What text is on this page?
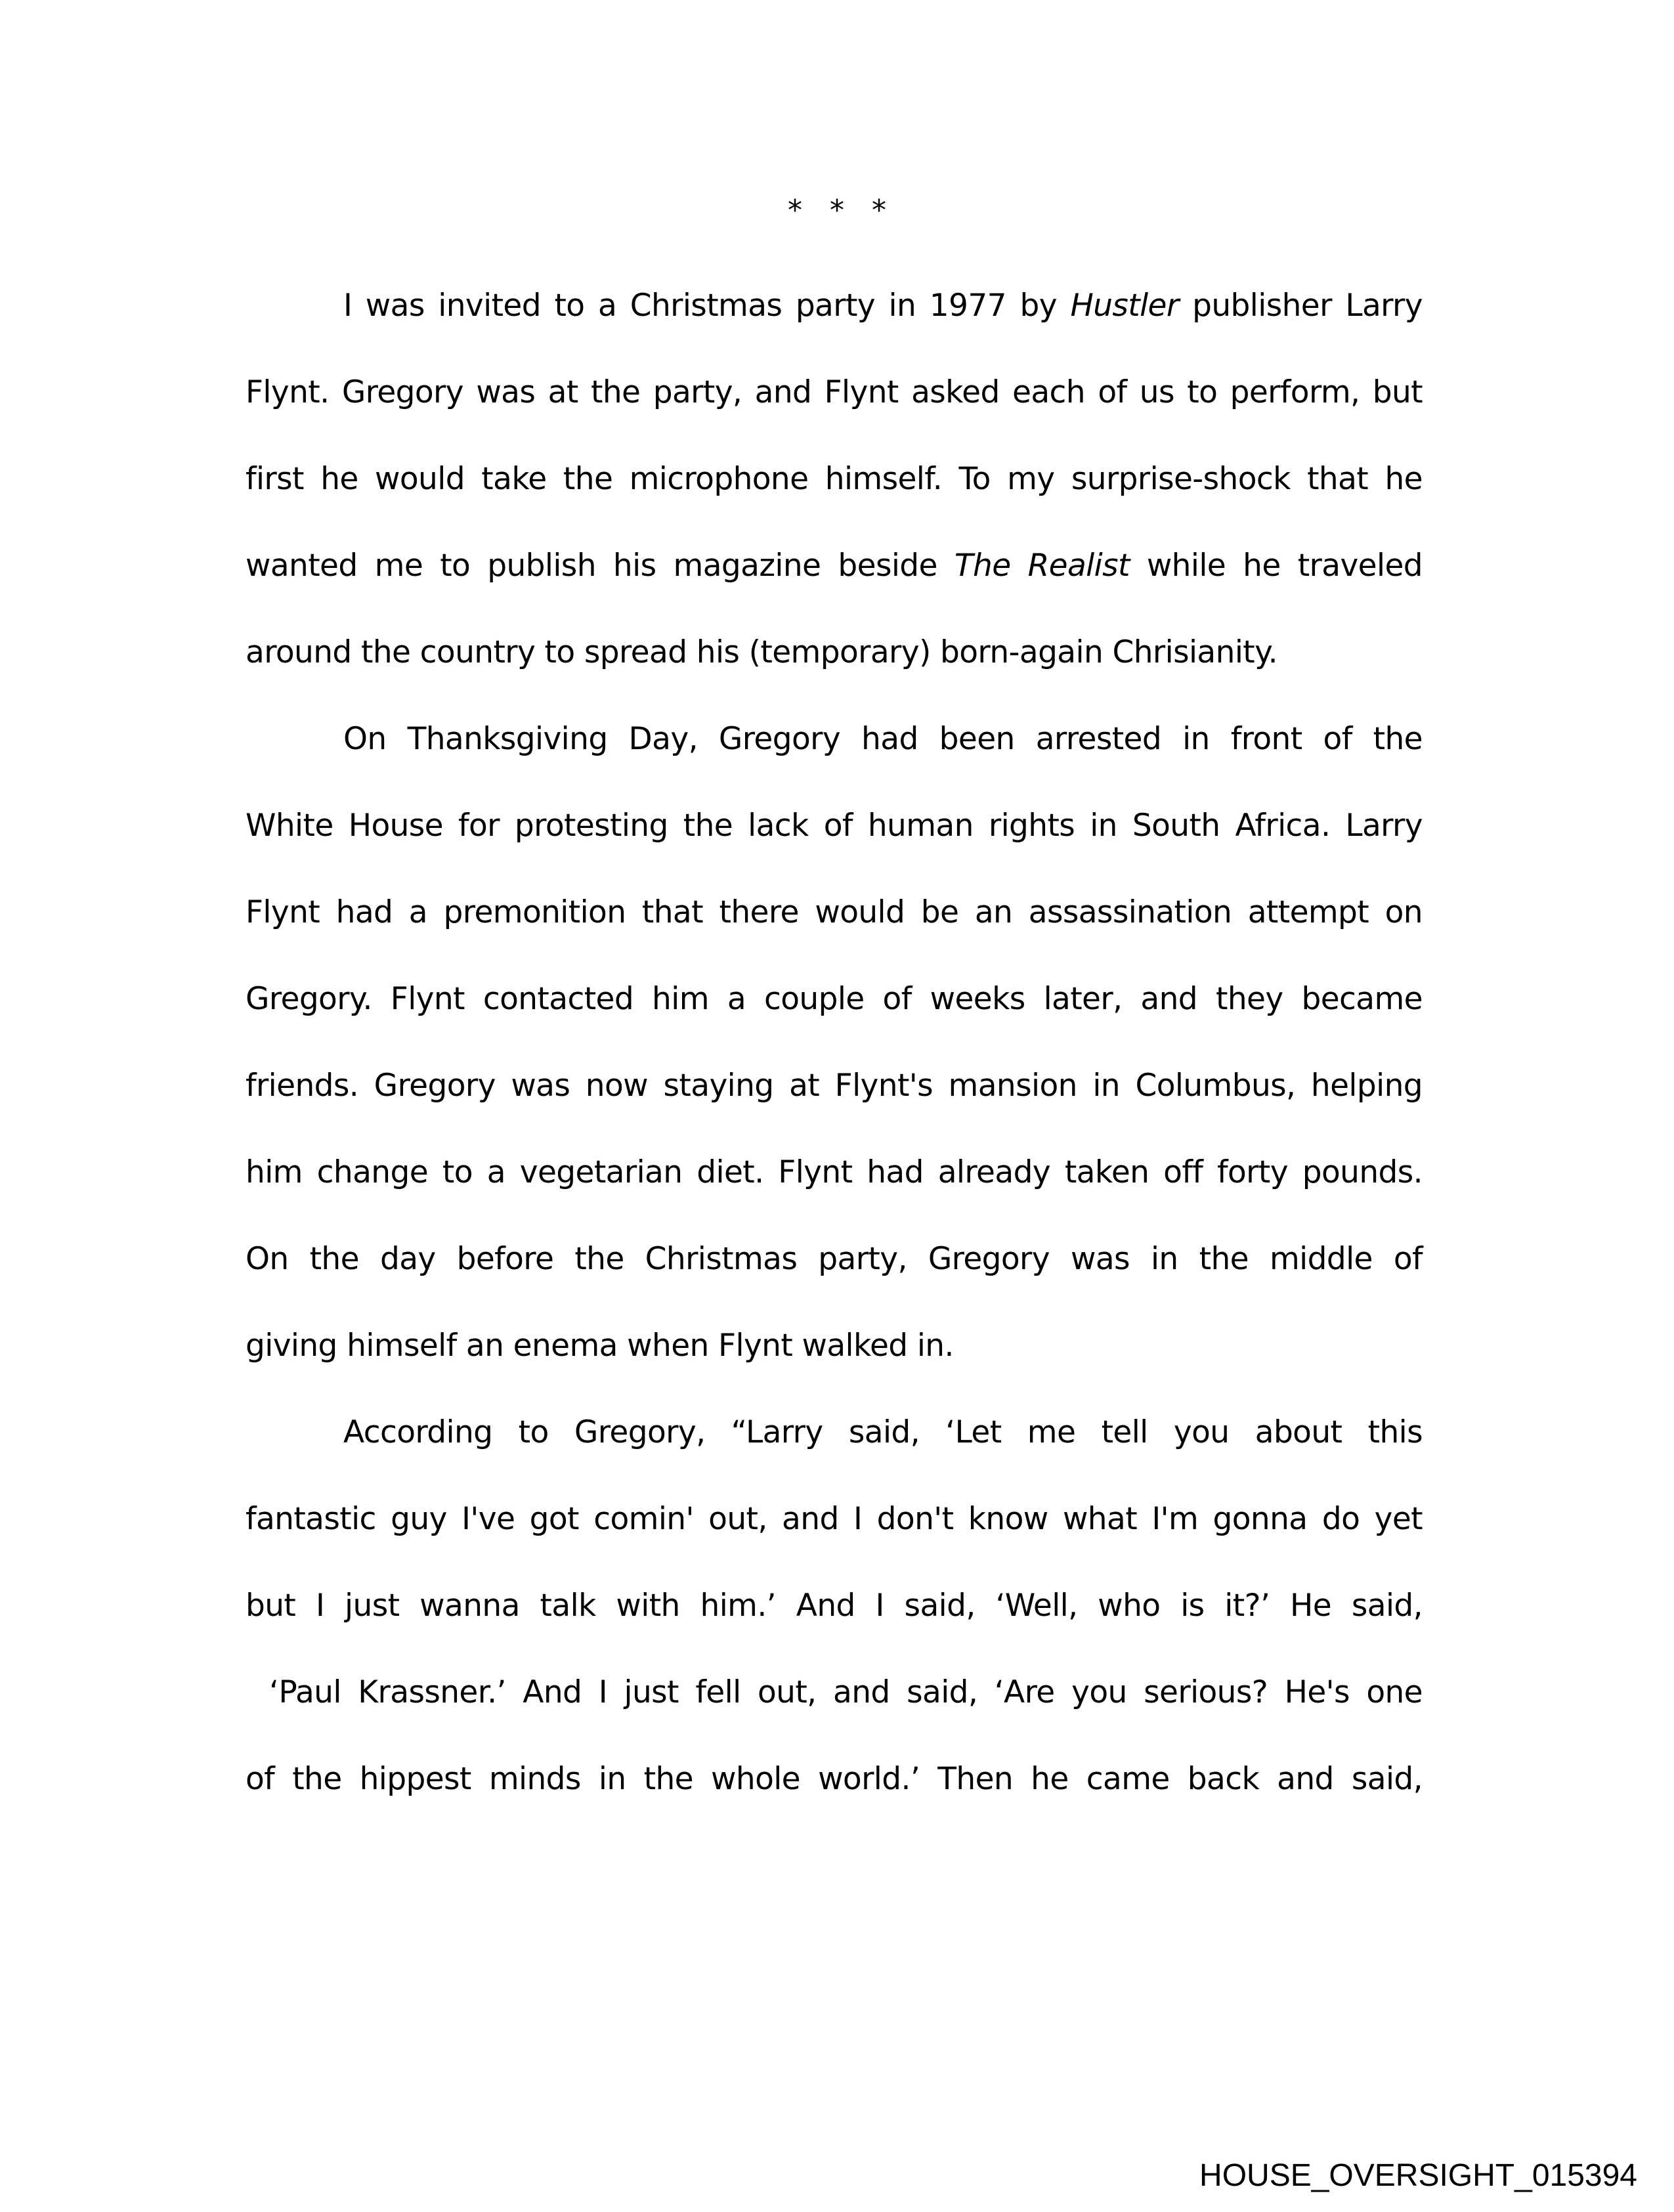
* * *
I was invited to a Christmas party in 1977 by Hustler publisher Larry
Flynt. Gregory was at the party, and Flynt asked each of us to perform, but
first he would take the microphone himself. To my surprise-shock that he
wanted me to publish his magazine beside The Realist while he traveled
around the country to spread his (temporary) born-again Chrisianity.
On Thanksgiving Day, Gregory had been arrested in front of the
White House for protesting the lack of human rights in South Africa. Larry
Flynt had a premonition that there would be an assassination attempt on
Gregory. Flynt contacted him a couple of weeks later, and they became
friends. Gregory was now staying at Flynt's mansion in Columbus, helping
him change to a vegetarian diet. Flynt had already taken off forty pounds.
On the day before the Christmas party, Gregory was in the middle of
giving himself an enema when Flynt walked in.
According to Gregory, “Larry said, ‘Let me tell you about this
fantastic guy I've got comin' out, and I don't know what I'm gonna do yet
but I just wanna talk with him.’ And I said, ‘Well, who is it?’ He said,
‘Paul Krassner.’ And I just fell out, and said, ‘Are you serious? He's one
of the hippest minds in the whole world.’ Then he came back and said,
HOUSE_OVERSIGHT_015394
